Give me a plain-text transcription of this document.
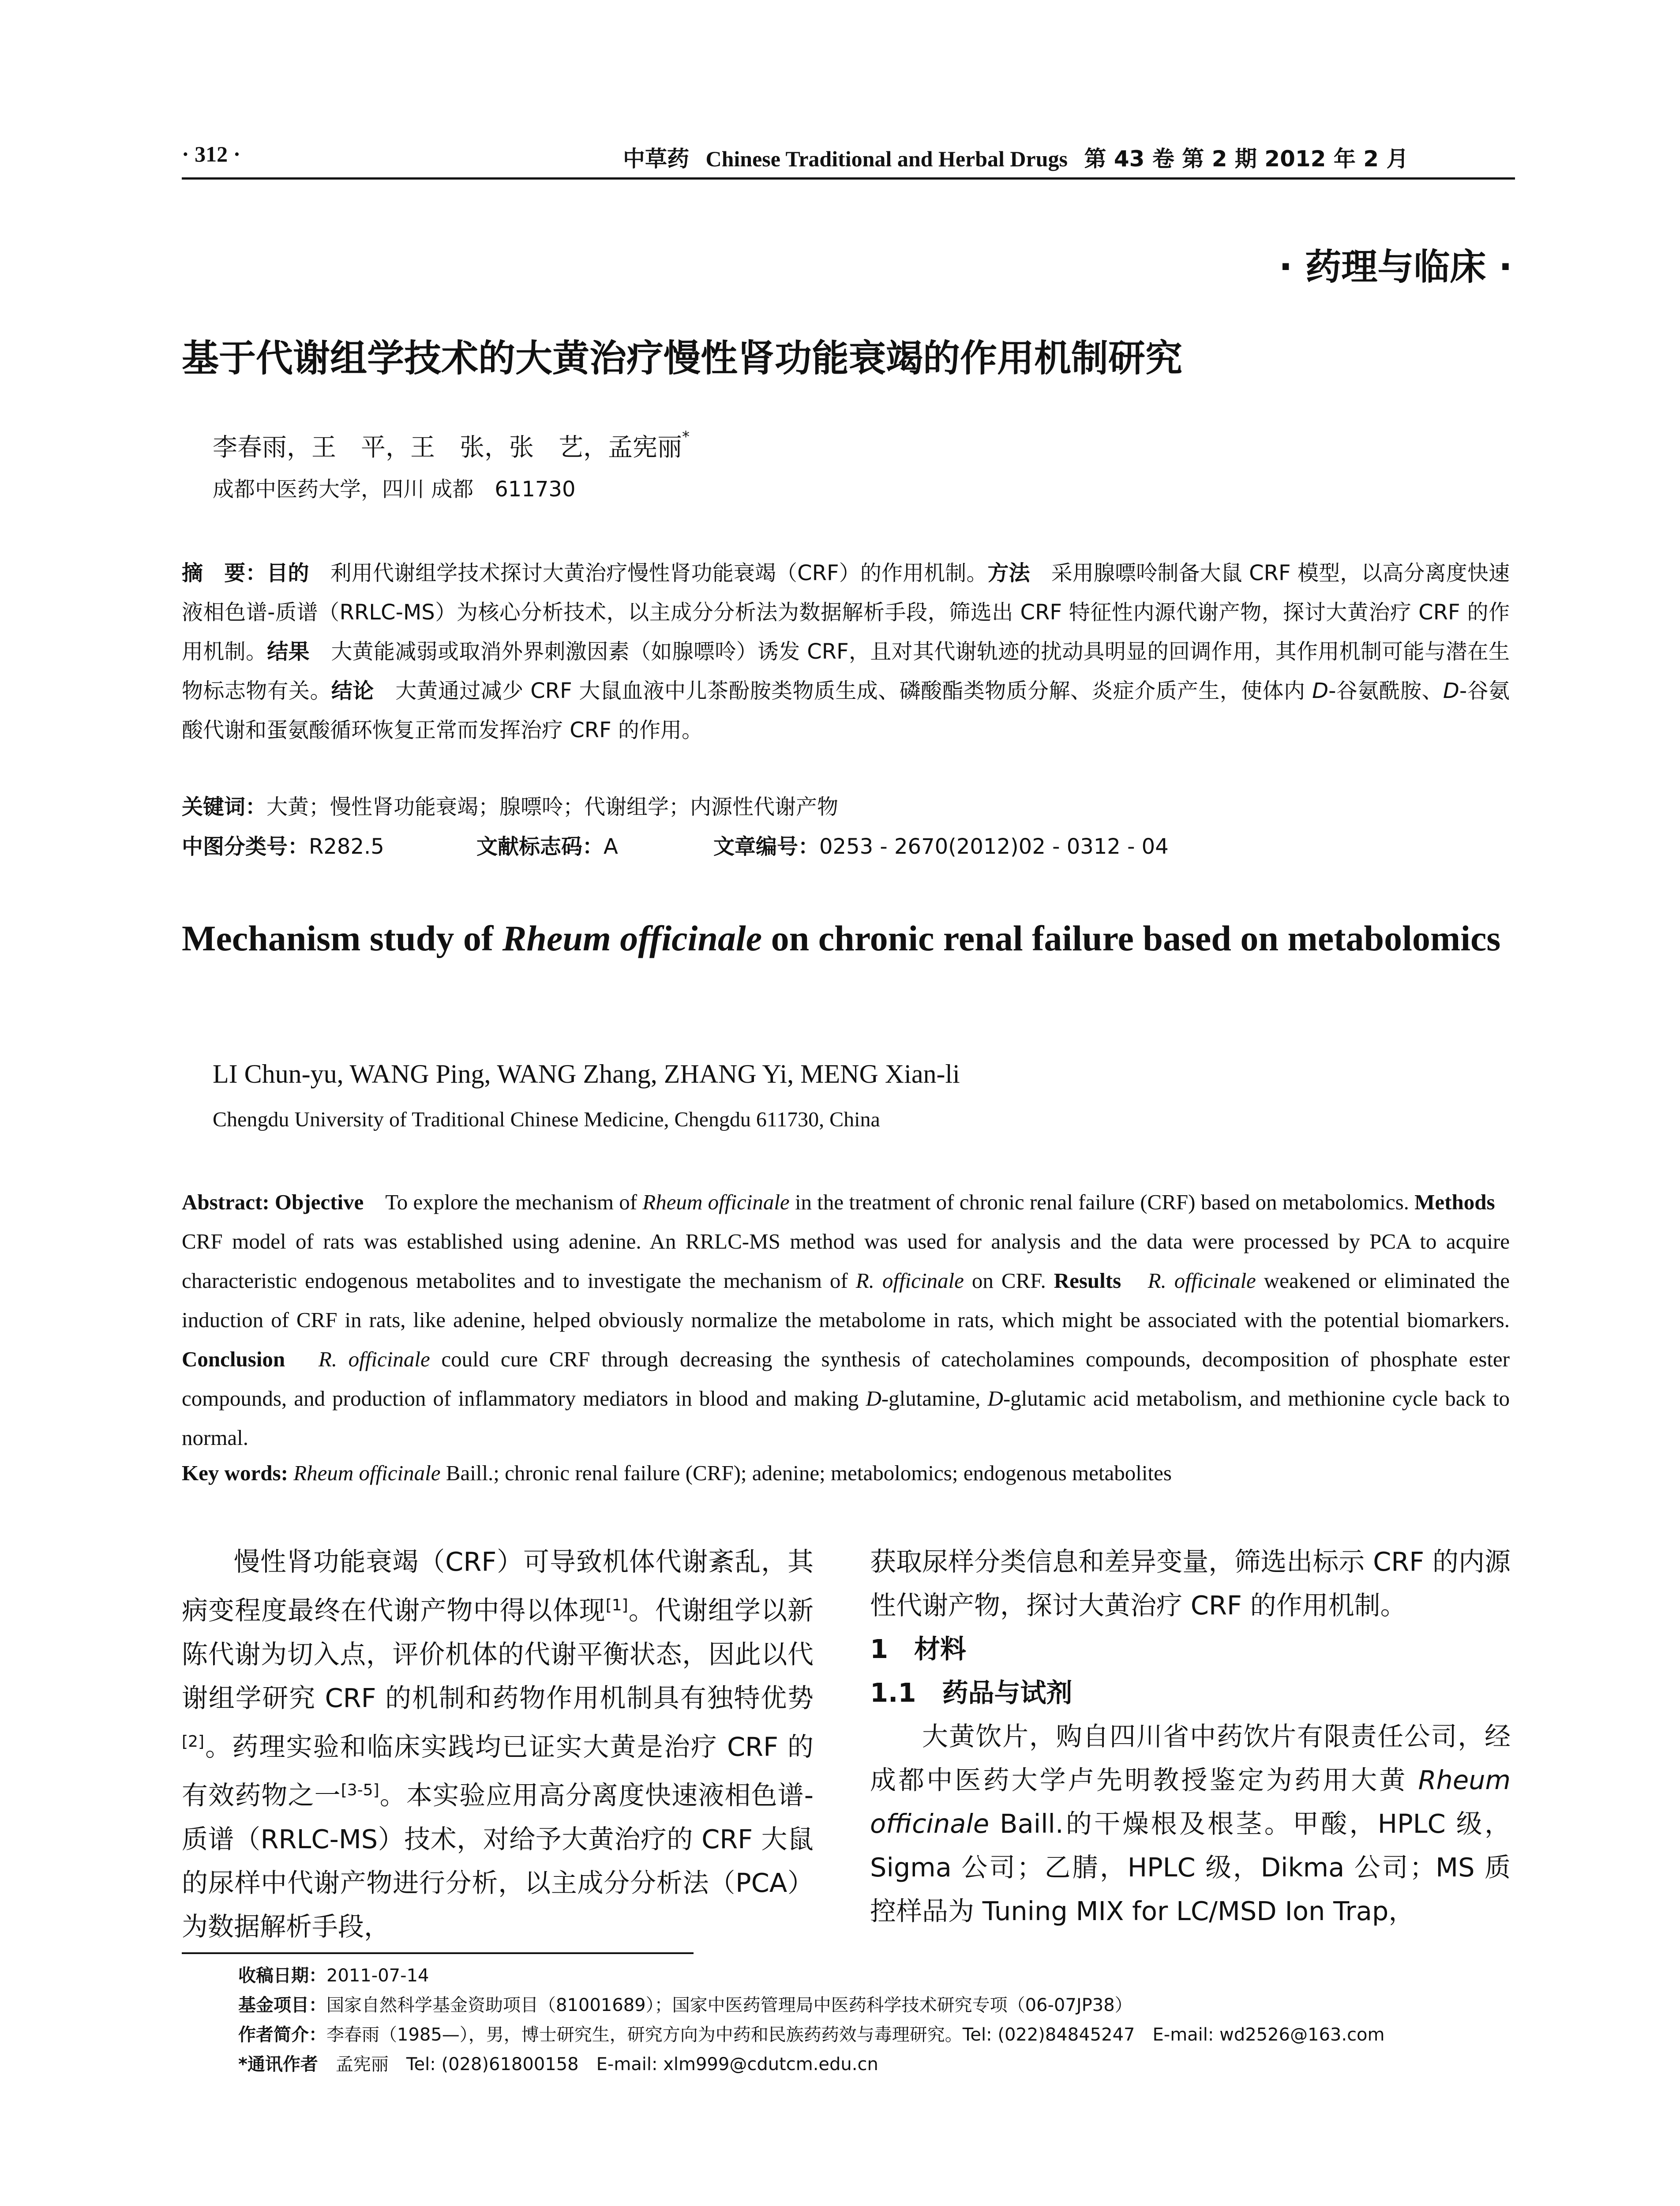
· 312 ·	中草药 Chinese Traditional and Herbal Drugs 第 43 卷 第 2 期 2012 年 2 月
· 药理与临床 ·
基于代谢组学技术的大黄治疗慢性肾功能衰竭的作用机制研究
李春雨，王　平，王　张，张　艺，孟宪丽*
成都中医药大学，四川 成都　611730
摘　要：目的　利用代谢组学技术探讨大黄治疗慢性肾功能衰竭（CRF）的作用机制。方法　采用腺嘌呤制备大鼠 CRF 模型，以高分离度快速液相色谱-质谱（RRLC-MS）为核心分析技术，以主成分分析法为数据解析手段，筛选出 CRF 特征性内源代谢产物，探讨大黄治疗 CRF 的作用机制。结果　大黄能减弱或取消外界刺激因素（如腺嘌呤）诱发 CRF，且对其代谢轨迹的扰动具明显的回调作用，其作用机制可能与潜在生物标志物有关。结论　大黄通过减少 CRF 大鼠血液中儿茶酚胺类物质生成、磷酸酯类物质分解、炎症介质产生，使体内 D-谷氨酰胺、D-谷氨酸代谢和蛋氨酸循环恢复正常而发挥治疗 CRF 的作用。
关键词：大黄；慢性肾功能衰竭；腺嘌呤；代谢组学；内源性代谢产物
中图分类号：R282.5	文献标志码：A	文章编号：0253 - 2670(2012)02 - 0312 - 04
Mechanism study of Rheum officinale on chronic renal failure based on metabolomics
LI Chun-yu, WANG Ping, WANG Zhang, ZHANG Yi, MENG Xian-li
Chengdu University of Traditional Chinese Medicine, Chengdu 611730, China
Abstract: Objective　To explore the mechanism of Rheum officinale in the treatment of chronic renal failure (CRF) based on metabolomics. Methods　CRF model of rats was established using adenine. An RRLC-MS method was used for analysis and the data were processed by PCA to acquire characteristic endogenous metabolites and to investigate the mechanism of R. officinale on CRF. Results　R. officinale weakened or eliminated the induction of CRF in rats, like adenine, helped obviously normalize the metabolome in rats, which might be associated with the potential biomarkers. Conclusion　R. officinale could cure CRF through decreasing the synthesis of catecholamines compounds, decomposition of phosphate ester compounds, and production of inflammatory mediators in blood and making D-glutamine, D-glutamic acid metabolism, and methionine cycle back to normal.
Key words: Rheum officinale Baill.; chronic renal failure (CRF); adenine; metabolomics; endogenous metabolites

慢性肾功能衰竭（CRF）可导致机体代谢紊乱，其病变程度最终在代谢产物中得以体现[1]。代谢组学以新陈代谢为切入点，评价机体的代谢平衡状态，因此以代谢组学研究 CRF 的机制和药物作用机制具有独特优势[2]。药理实验和临床实践均已证实大黄是治疗 CRF 的有效药物之一[3-5]。本实验应用高分离度快速液相色谱-质谱（RRLC-MS）技术，对给予大黄治疗的 CRF 大鼠的尿样中代谢产物进行分析，以主成分分析法（PCA）为数据解析手段，

获取尿样分类信息和差异变量，筛选出标示 CRF 的内源性代谢产物，探讨大黄治疗 CRF 的作用机制。

1　材料

1.1　药品与试剂

大黄饮片，购自四川省中药饮片有限责任公司，经成都中医药大学卢先明教授鉴定为药用大黄 Rheum officinale Baill.的干燥根及根茎。甲酸，HPLC 级，Sigma 公司；乙腈，HPLC 级，Dikma 公司；MS 质控样品为 Tuning MIX for LC/MSD Ion Trap，

收稿日期：2011-07-14
基金项目：国家自然科学基金资助项目（81001689）；国家中医药管理局中医药科学技术研究专项（06-07JP38）
作者简介：李春雨（1985—），男，博士研究生，研究方向为中药和民族药药效与毒理研究。Tel: (022)84845247　E-mail: wd2526@163.com
*通讯作者　孟宪丽　Tel: (028)61800158　E-mail: xlm999@cdutcm.edu.cn
